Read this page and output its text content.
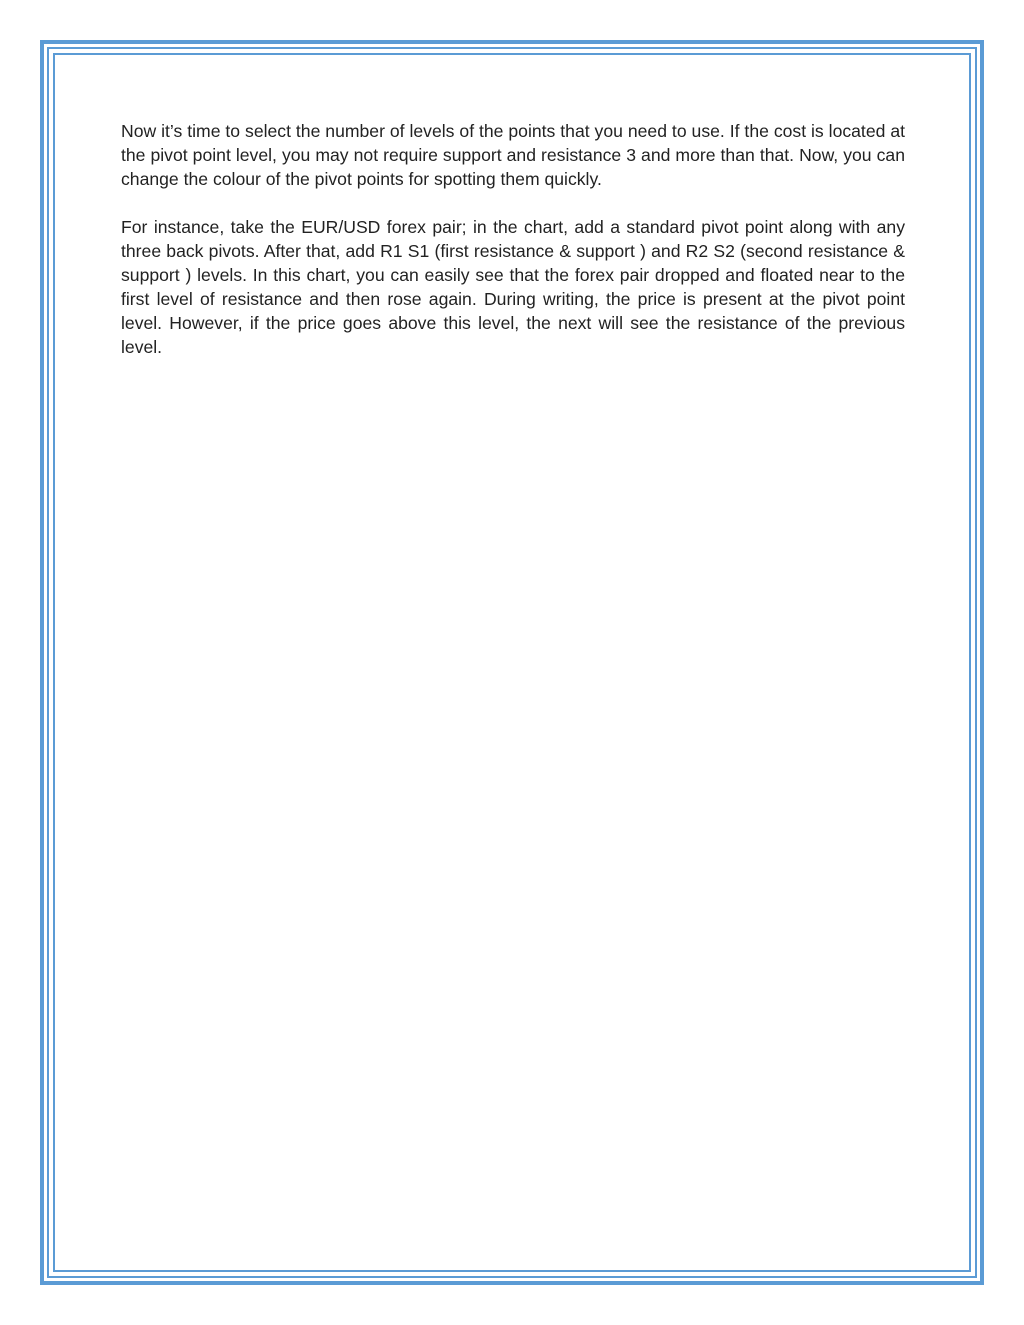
Now it’s time to select the number of levels of the points that you need to use. If the cost is located at the pivot point level, you may not require support and resistance 3 and more than that. Now, you can change the colour of the pivot points for spotting them quickly.

For instance, take the EUR/USD forex pair; in the chart, add a standard pivot point along with any three back pivots. After that, add R1 S1 (first resistance & support ) and R2 S2 (second resistance & support ) levels. In this chart, you can easily see that the forex pair dropped and floated near to the first level of resistance and then rose again. During writing, the price is present at the pivot point level. However, if the price goes above this level, the next will see the resistance of the previous level.
